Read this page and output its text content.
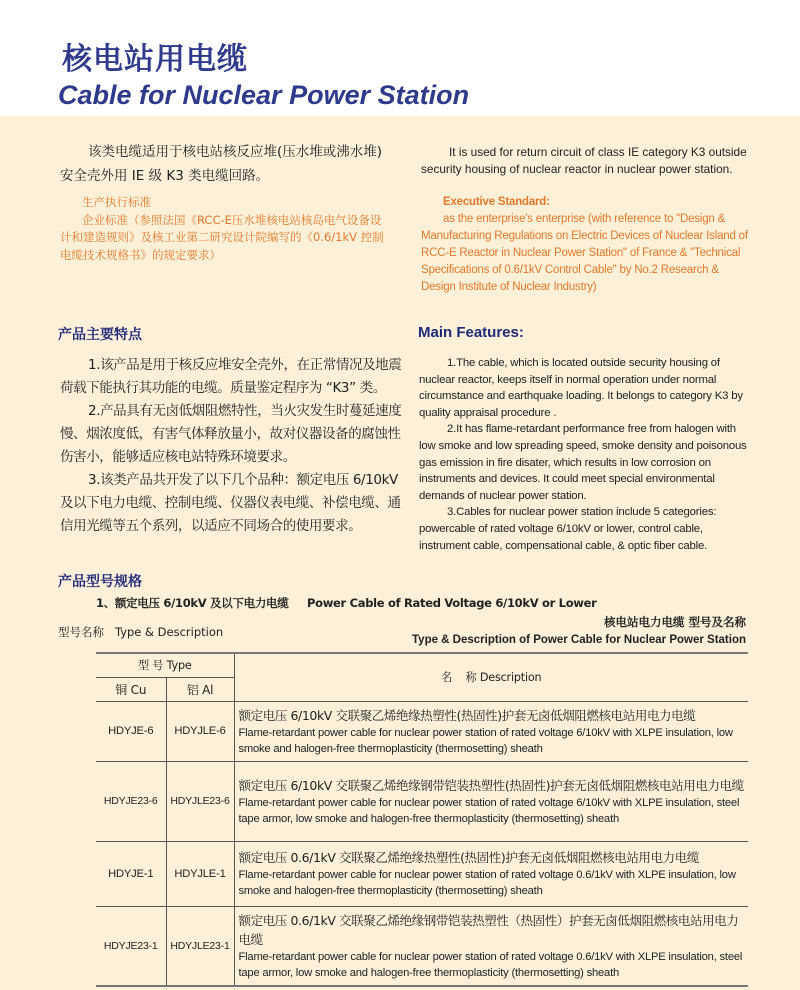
核电站用电缆
Cable for Nuclear Power Station
该类电缆适用于核电站核反应堆(压水堆或沸水堆)安全壳外用 IE 级 K3 类电缆回路。
It is used for return circuit of class IE category K3 outside security housing of nuclear reactor in nuclear power station.
生产执行标准
企业标准（参照法国《RCC-E压水堆核电站核岛电气设备设计和建造规则》及核工业第二研究设计院编写的《0.6/1kV 控制电缆技术规格书》的规定要求）
Executive Standard:
as the enterprise's enterprise (with reference to "Design & Manufacturing Regulations on Electric Devices of Nuclear Island of RCC-E Reactor in Nuclear Power Station" of France & "Technical Specifications of 0.6/1kV Control Cable" by No.2 Research & Design Institute of Nuclear Industry)
产品主要特点	Main Features:
1.该产品是用于核反应堆安全壳外，在正常情况及地震荷载下能执行其功能的电缆。质量鉴定程序为 “K3” 类。
2.产品具有无卤低烟阻燃特性，当火灾发生时蔓延速度慢、烟浓度低，有害气体释放量小，故对仪器设备的腐蚀性伤害小，能够适应核电站特殊环境要求。
3.该类产品共开发了以下几个品种：额定电压 6/10kV 及以下电力电缆、控制电缆、仪器仪表电缆、补偿电缆、通信用光缆等五个系列，以适应不同场合的使用要求。
1.The cable, which is located outside security housing of nuclear reactor, keeps itself in normal operation under normal circumstance and earthquake loading. It belongs to category K3 by quality appraisal procedure .
2.It has flame-retardant performance free from halogen with low smoke and low spreading speed, smoke density and poisonous gas emission in fire disater, which results in low corrosion on instruments and devices. It could meet special environmental demands of nuclear power station.
3.Cables for nuclear power station include 5 categories: powercable of rated voltage 6/10kV or lower, control cable, instrument cable, compensational cable, & optic fiber cable.
产品型号规格
1、额定电压 6/10kV 及以下电力电缆     Power Cable of Rated Voltage 6/10kV or Lower
型号名称   Type & Description
核电站电力电缆 型号及名称
Type & Description of Power Cable for Nuclear Power Station
型 号 Type		名    称 Description
铜 Cu	铝 Al	
HDYJE-6	HDYJLE-6	额定电压 6/10kV 交联聚乙烯绝缘热塑性(热固性)护套无卤低烟阻燃核电站用电力电缆
Flame-retardant power cable for nuclear power station of rated voltage 6/10kV with XLPE insulation, low smoke and halogen-free thermoplasticity (thermosetting) sheath

HDYJE23-6	HDYJLE23-6	额定电压 6/10kV 交联聚乙烯绝缘钢带铠装热塑性(热固性)护套无卤低烟阻燃核电站用电力电缆
Flame-retardant power cable for nuclear power station of rated voltage 6/10kV with XLPE insulation, steel tape armor, low smoke and halogen-free thermoplasticity (thermosetting) sheath

HDYJE-1	HDYJLE-1	额定电压 0.6/1kV 交联聚乙烯绝缘热塑性(热固性)护套无卤低烟阻燃核电站用电力电缆
Flame-retardant power cable for nuclear power station of rated voltage 0.6/1kV with XLPE insulation, low smoke and halogen-free thermoplasticity (thermosetting) sheath

HDYJE23-1	HDYJLE23-1	额定电压 0.6/1kV 交联聚乙烯绝缘钢带铠装热塑性（热固性）护套无卤低烟阻燃核电站用电力电缆
Flame-retardant power cable for nuclear power station of rated voltage 0.6/1kV with XLPE insulation, steel tape armor, low smoke and halogen-free thermoplasticity (thermosetting) sheath
